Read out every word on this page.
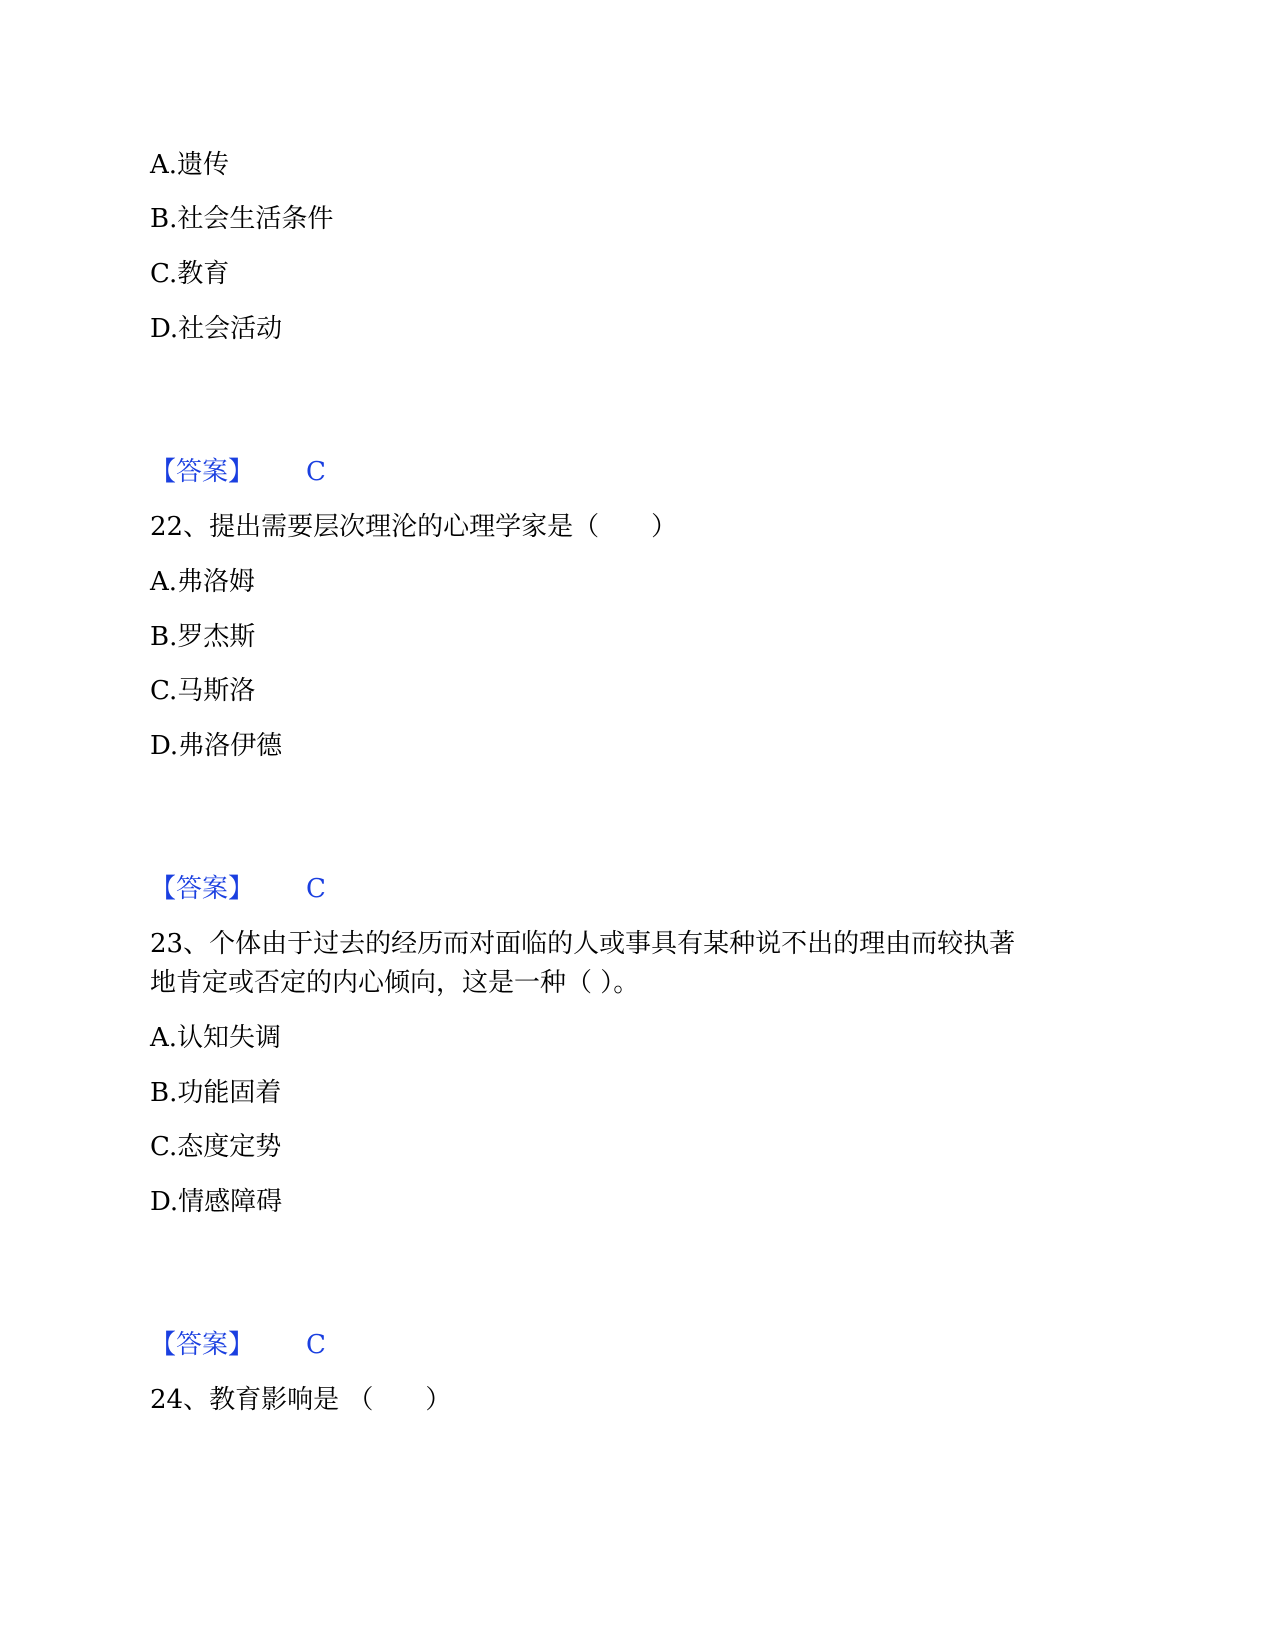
A.遗传
B.社会生活条件
C.教育
D.社会活动
【答案】 C
22、提出需要层次理沦的心理学家是（　　）
A.弗洛姆
B.罗杰斯
C.马斯洛
D.弗洛伊德
【答案】 C
23、个体由于过去的经历而对面临的人或事具有某种说不出的理由而较执著
地肯定或否定的内心倾向，这是一种（ ）。
A.认知失调
B.功能固着
C.态度定势
D.情感障碍
【答案】 C
24、教育影响是 （　　）
